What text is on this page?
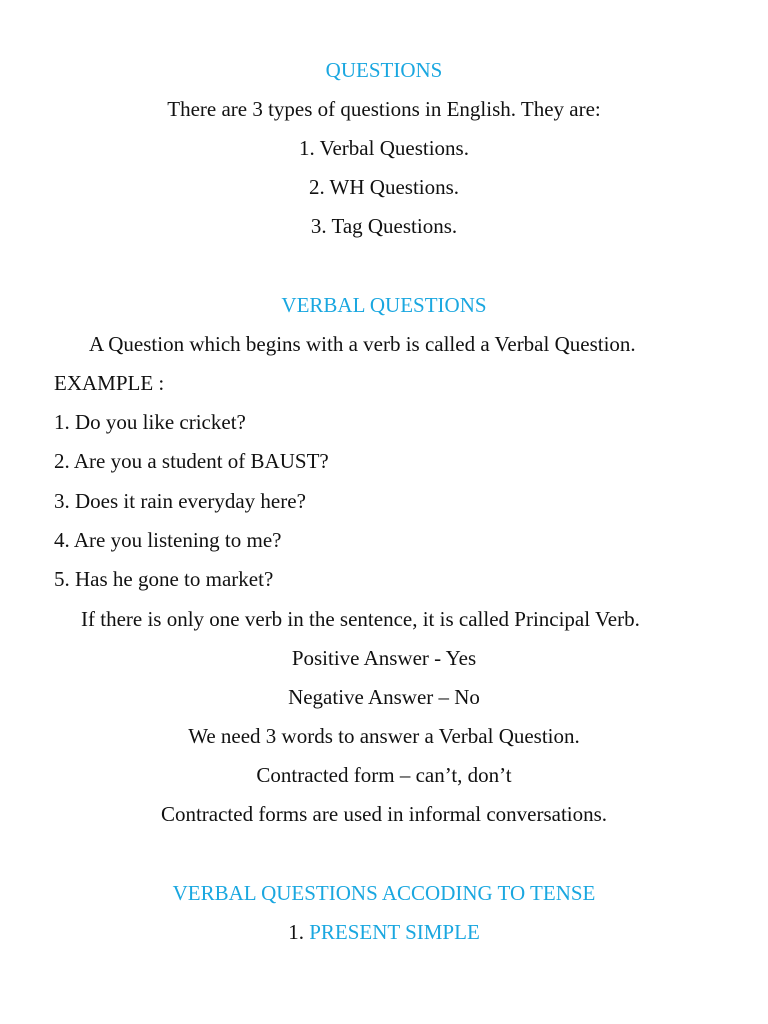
QUESTIONS
There are 3 types of questions in English. They are:
1. Verbal Questions.
2. WH Questions.
3. Tag Questions.
VERBAL QUESTIONS
A Question which begins with a verb is called a Verbal Question.
EXAMPLE :
1. Do you like cricket?
2. Are you a student of BAUST?
3. Does it rain everyday here?
4. Are you listening to me?
5. Has he gone to market?
If there is only one verb in the sentence, it is called Principal Verb.
Positive Answer - Yes
Negative Answer – No
We need 3 words to answer a Verbal Question.
Contracted form – can’t, don’t
Contracted forms are used in informal conversations.
VERBAL QUESTIONS ACCODING TO TENSE
1. PRESENT SIMPLE
